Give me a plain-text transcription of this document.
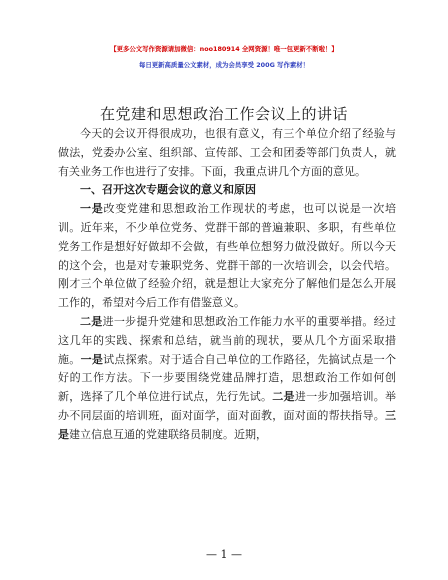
【更多公文写作资源请加微信：noo180914 全网资源！唯一包更新不断啦！】
每日更新高质量公文素材，成为会员享受 200G 写作素材！
在党建和思想政治工作会议上的讲话

今天的会议开得很成功，也很有意义，有三个单位介绍了经验与做法，党委办公室、组织部、宣传部、工会和团委等部门负责人，就有关业务工作也进行了安排。下面，我重点讲几个方面的意见。

一、召开这次专题会议的意义和原因

一是改变党建和思想政治工作现状的考虑，也可以说是一次培训。近年来，不少单位党务、党群干部的普遍兼职、多职，有些单位党务工作是想好好做却不会做，有些单位想努力做没做好。所以今天的这个会，也是对专兼职党务、党群干部的一次培训会，以会代培。刚才三个单位做了经验介绍，就是想让大家充分了解他们是怎么开展工作的，希望对今后工作有借鉴意义。

二是进一步提升党建和思想政治工作能力水平的重要举措。经过这几年的实践、探索和总结，就当前的现状，要从几个方面采取措施。一是试点探索。对于适合自己单位的工作路径，先搞试点是一个好的工作方法。下一步要围绕党建品牌打造，思想政治工作如何创新，选择了几个单位进行试点，先行先试。二是进一步加强培训。举办不同层面的培训班，面对面学，面对面教，面对面的帮扶指导。三是建立信息互通的党建联络员制度。近期，

— 1 —
